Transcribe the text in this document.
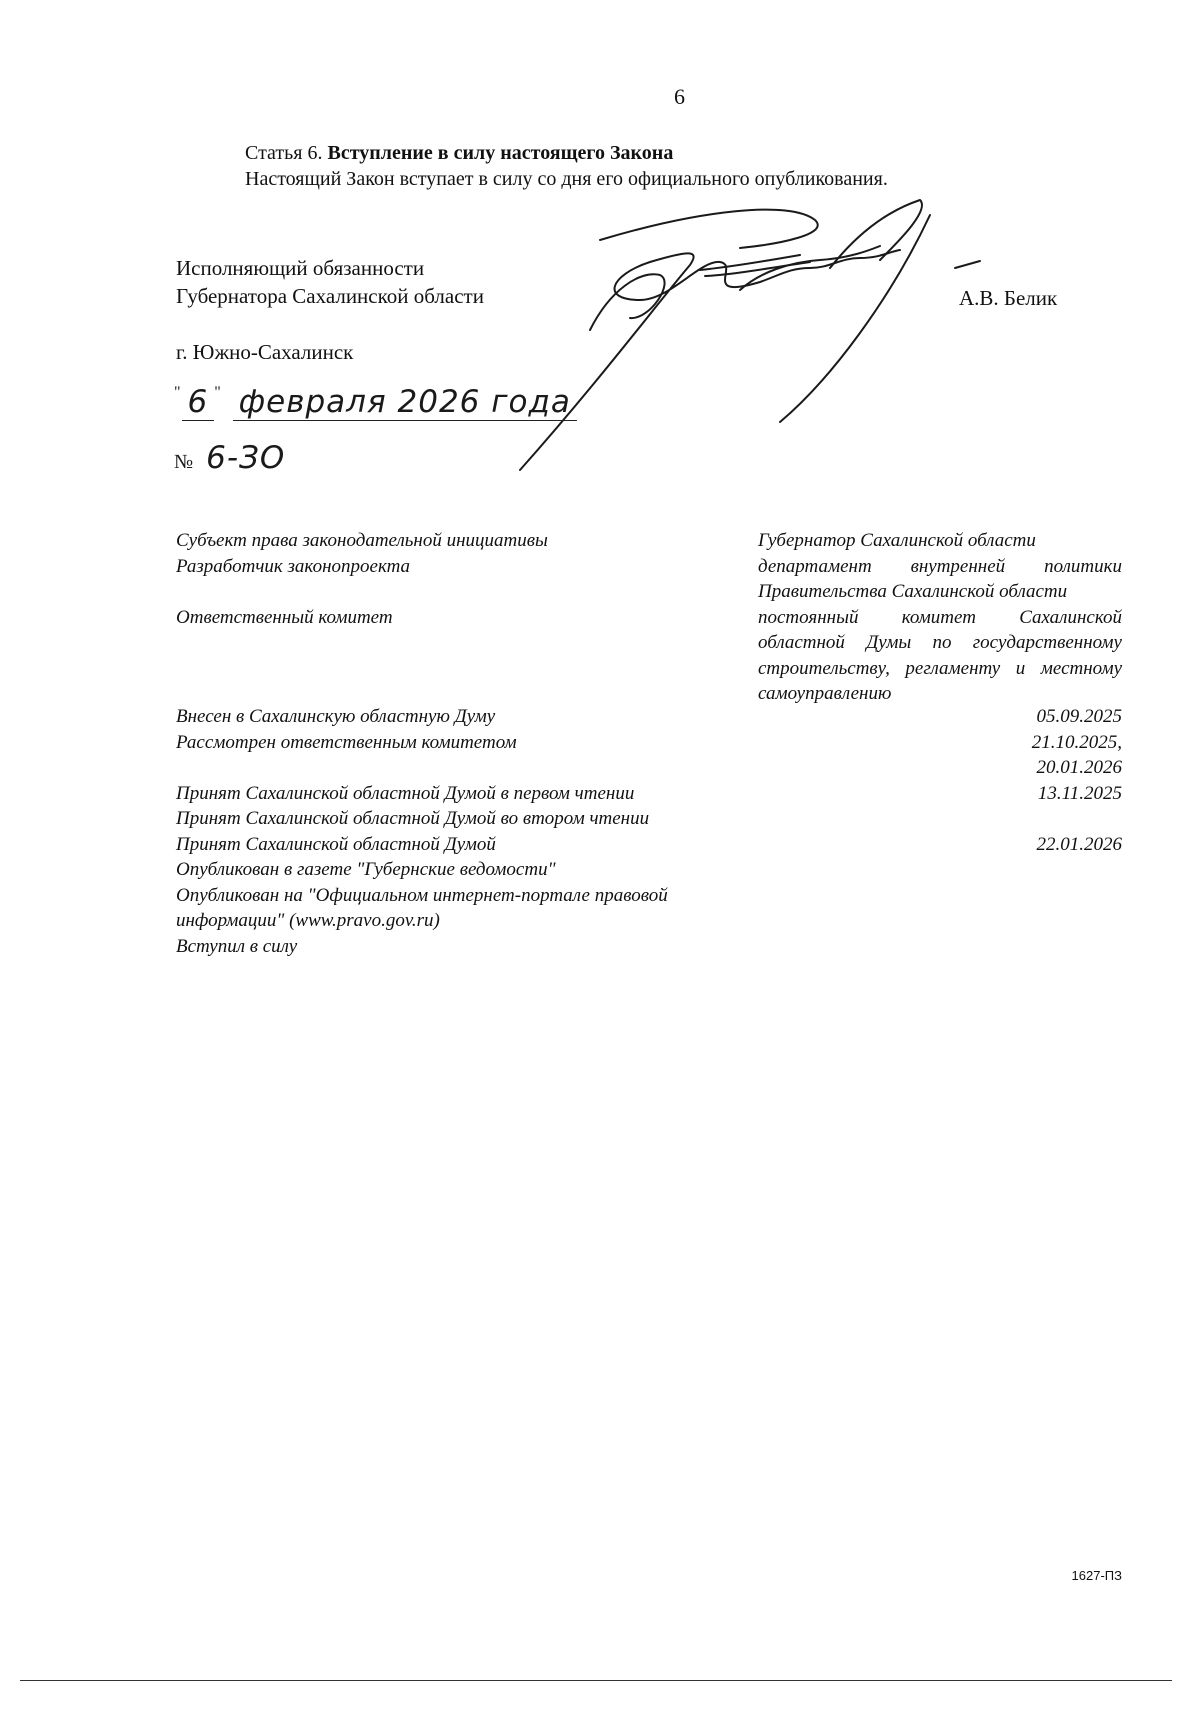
6
Статья 6. Вступление в силу настоящего Закона
Настоящий Закон вступает в силу со дня его официального опубликования.
Исполняющий обязанности
Губернатора Сахалинской области	А.В. Белик
г. Южно-Сахалинск
" 6 " февраля 2026 года
№ 6-ЗО
Субъект права законодательной инициативы
Разработчик законопроекта
Ответственный комитет
Губернатор Сахалинской области
департамент внутренней политики Правительства Сахалинской области
постоянный комитет Сахалинской областной Думы по государственному строительству, регламенту и местному самоуправлению
Внесен в Сахалинскую областную Думу
Рассмотрен ответственным комитетом
Принят Сахалинской областной Думой в первом чтении
Принят Сахалинской областной Думой во втором чтении
Принят Сахалинской областной Думой
Опубликован в газете "Губернские ведомости"
Опубликован на "Официальном интернет-портале правовой
информации" (www.pravo.gov.ru)
Вступил в силу
05.09.2025
21.10.2025,
20.01.2026
13.11.2025
22.01.2026
1627-ПЗ
